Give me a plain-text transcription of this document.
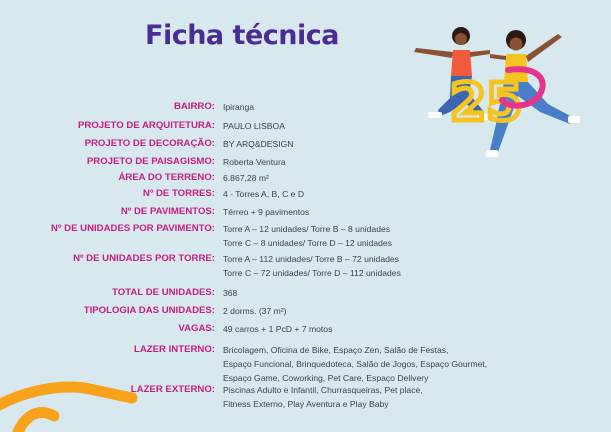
Ficha técnica
25
BAIRRO: Ipiranga
PROJETO DE ARQUITETURA: PAULO LISBOA
PROJETO DE DECORAÇÃO: BY ARQ&DESIGN
PROJETO DE PAISAGISMO: Roberta Ventura
ÁREA DO TERRENO: 6.867,28 m²
Nº DE TORRES: 4 - Torres A, B, C e D
Nº DE PAVIMENTOS: Térreo + 9 pavimentos
Nº DE UNIDADES POR PAVIMENTO: Torre A – 12 unidades/ Torre B – 8 unidades
Torre C – 8 unidades/ Torre D – 12 unidades
Nº DE UNIDADES POR TORRE: Torre A – 112 unidades/ Torre B – 72 unidades
Torre C – 72 unidades/ Torre D – 112 unidades
TOTAL DE UNIDADES: 368
TIPOLOGIA DAS UNIDADES: 2 dorms. (37 m²)
VAGAS: 49 carros + 1 PcD + 7 motos
LAZER INTERNO: Bricolagem, Oficina de Bike, Espaço Zen, Salão de Festas,
Espaço Funcional, Brinquedoteca, Salão de Jogos, Espaço Gourmet,
Espaço Game, Coworking, Pet Care, Espaço Delivery
LAZER EXTERNO: Piscinas Adulto e Infantil, Churrasqueiras, Pet place,
Fitness Externo, Play Aventura e Play Baby
